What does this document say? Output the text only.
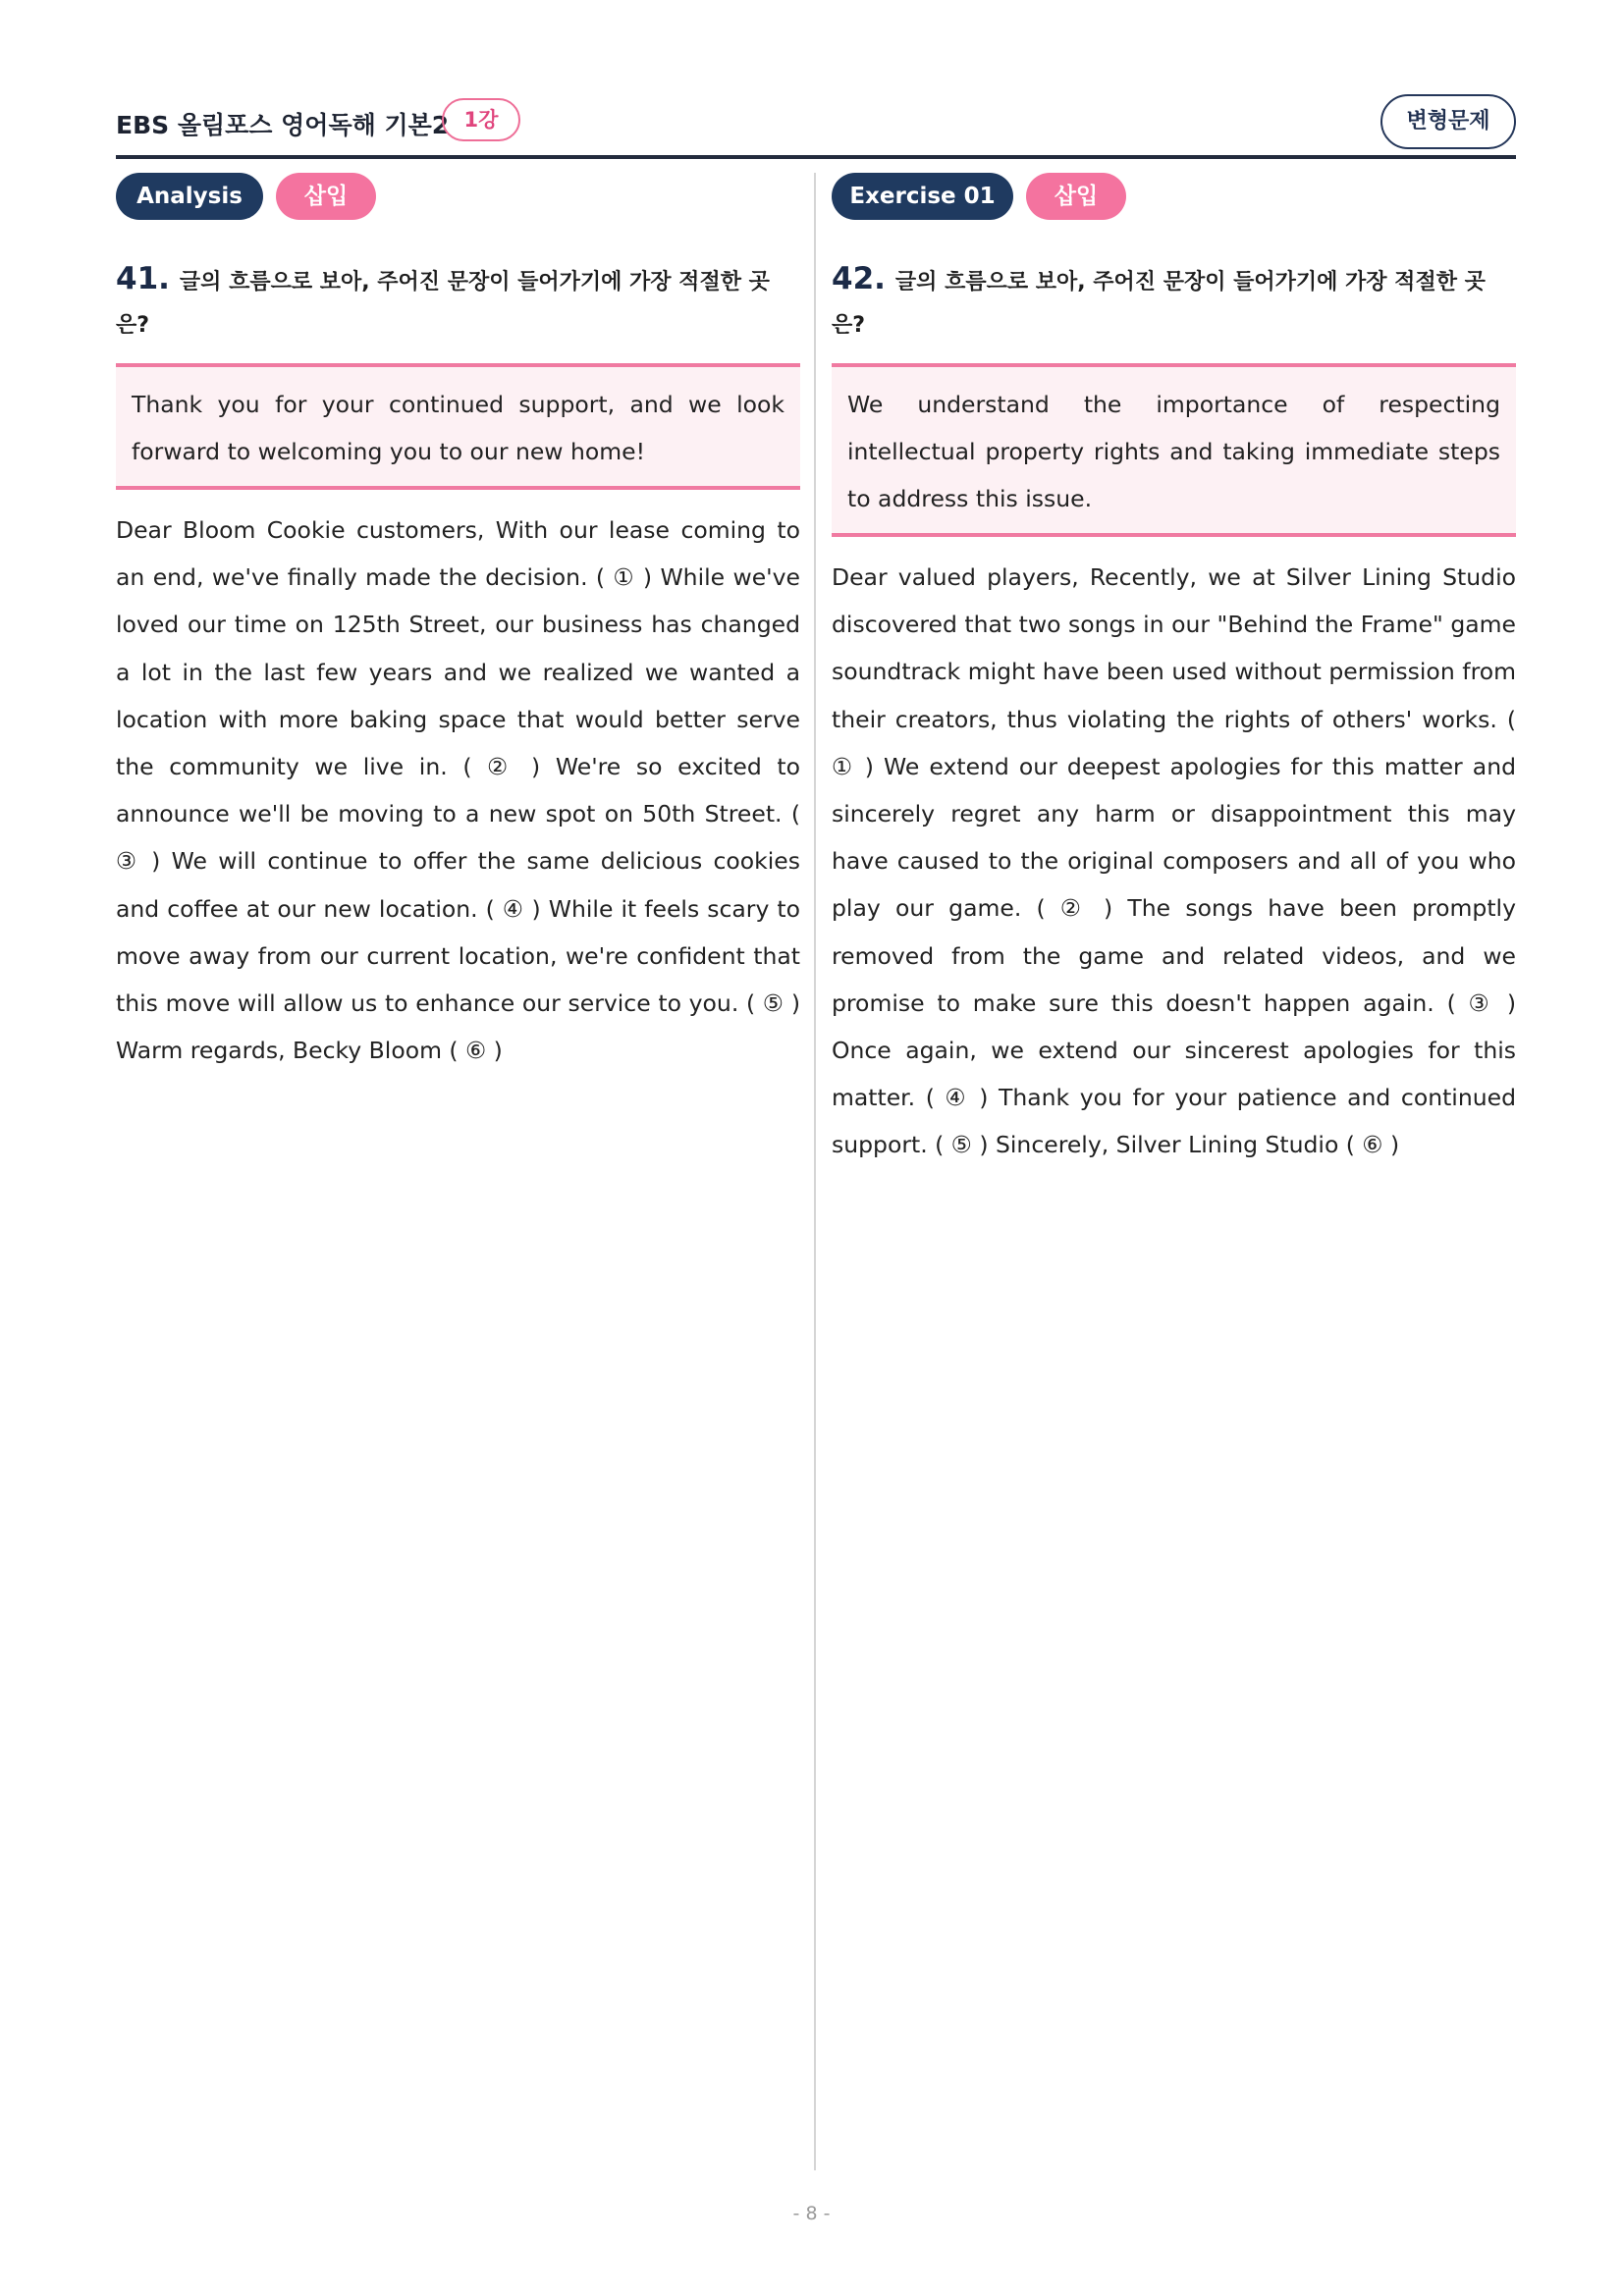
EBS 올림포스 영어독해 기본2 1강	변형문제
Analysis	삽입
41. 글의 흐름으로 보아, 주어진 문장이 들어가기에 가장 적절한 곳은?
Thank you for your continued support, and we look forward to welcoming you to our new home!
Dear Bloom Cookie customers, With our lease coming to an end, we've finally made the decision. ( ① ) While we've loved our time on 125th Street, our business has changed a lot in the last few years and we realized we wanted a location with more baking space that would better serve the community we live in. ( ② ) We're so excited to announce we'll be moving to a new spot on 50th Street. ( ③ ) We will continue to offer the same delicious cookies and coffee at our new location. ( ④ ) While it feels scary to move away from our current location, we're confident that this move will allow us to enhance our service to you. ( ⑤ ) Warm regards, Becky Bloom ( ⑥ )
Exercise 01	삽입
42. 글의 흐름으로 보아, 주어진 문장이 들어가기에 가장 적절한 곳은?
We understand the importance of respecting intellectual property rights and taking immediate steps to address this issue.
Dear valued players, Recently, we at Silver Lining Studio discovered that two songs in our "Behind the Frame" game soundtrack might have been used without permission from their creators, thus violating the rights of others' works. ( ① ) We extend our deepest apologies for this matter and sincerely regret any harm or disappointment this may have caused to the original composers and all of you who play our game. ( ② ) The songs have been promptly removed from the game and related videos, and we promise to make sure this doesn't happen again. ( ③ ) Once again, we extend our sincerest apologies for this matter. ( ④ ) Thank you for your patience and continued support. ( ⑤ ) Sincerely, Silver Lining Studio ( ⑥ )
- 8 -
